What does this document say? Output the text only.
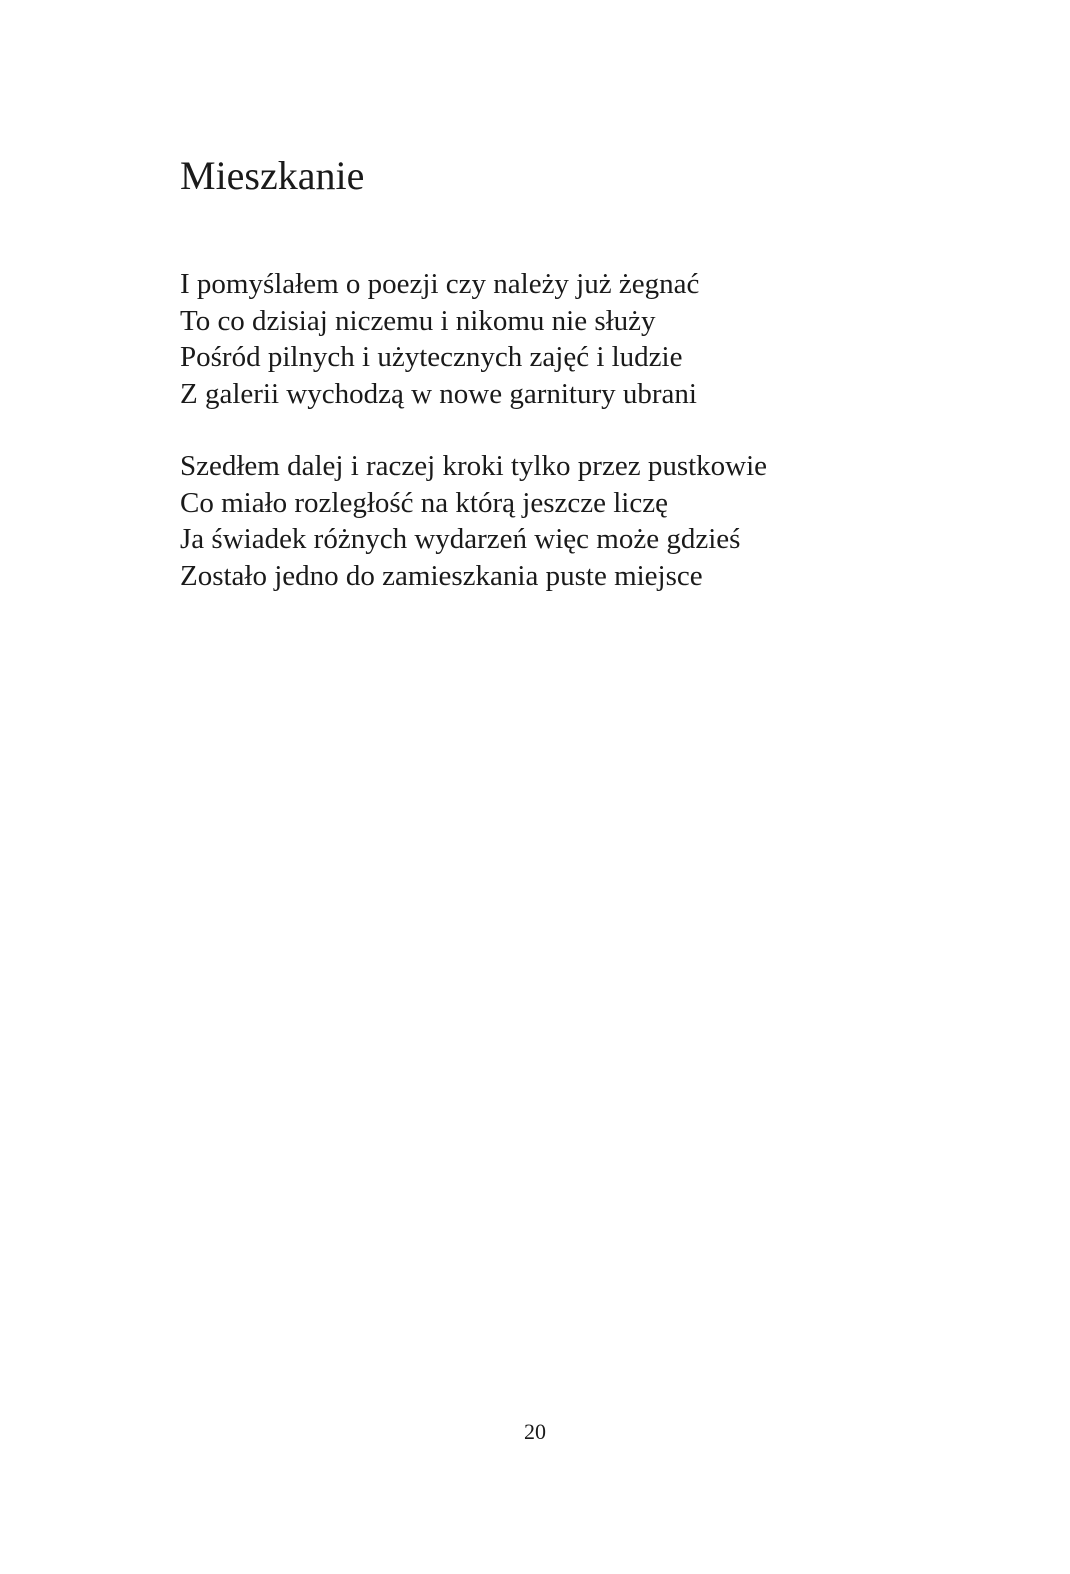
Mieszkanie
I pomyślałem o poezji czy należy już żegnać
To co dzisiaj niczemu i nikomu nie służy
Pośród pilnych i użytecznych zajęć i ludzie
Z galerii wychodzą w nowe garnitury ubrani
Szedłem dalej i raczej kroki tylko przez pustkowie
Co miało rozległość na którą jeszcze liczę
Ja świadek różnych wydarzeń więc może gdzieś
Zostało jedno do zamieszkania puste miejsce
20
